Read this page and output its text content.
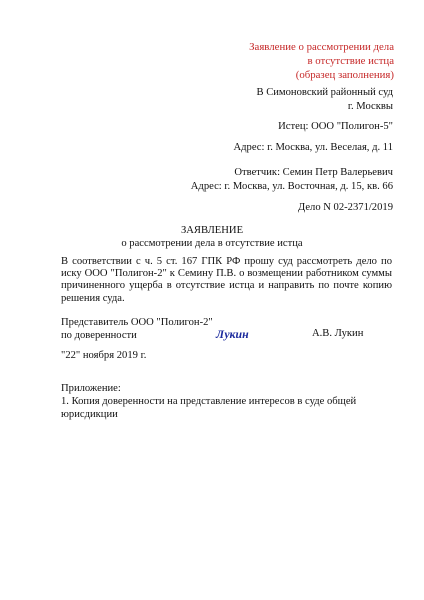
Заявление о рассмотрении дела
в отсутствие истца
(образец заполнения)
В Симоновский районный суд
г. Москвы
Истец: ООО "Полигон-5"
Адрес: г. Москва, ул. Веселая, д. 11
Ответчик: Семин Петр Валерьевич
Адрес: г. Москва, ул. Восточная, д. 15, кв. 66
Дело N 02-2371/2019
ЗАЯВЛЕНИЕ
о рассмотрении дела в отсутствие истца
В соответствии с ч. 5 ст. 167 ГПК РФ прошу суд рассмотреть дело по иску ООО "Полигон-2" к Семину П.В. о возмещении работником суммы причиненного ущерба в отсутствие истца и направить по почте копию решения суда.
Представитель ООО "Полигон-2"
по доверенности	Лукин	А.В. Лукин
"22" ноября 2019 г.
Приложение:
1. Копия доверенности на представление интересов в суде общей юрисдикции
